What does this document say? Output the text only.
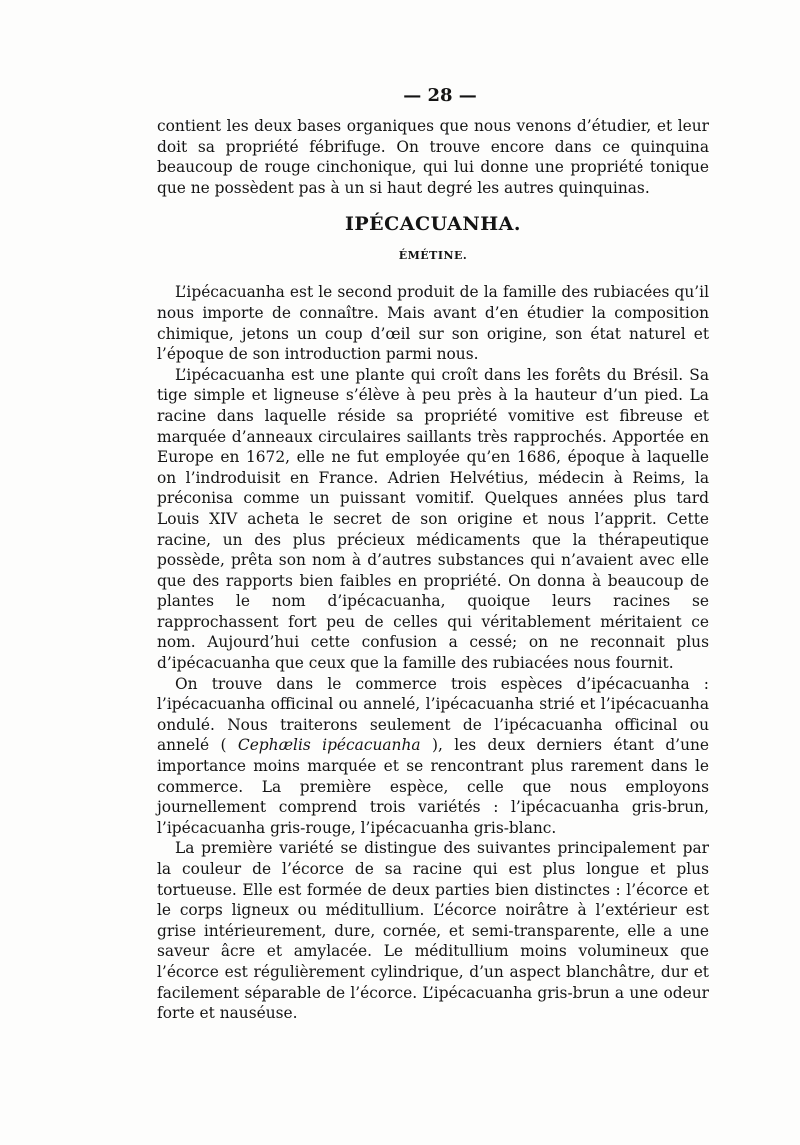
— 28 —

contient les deux bases organiques que nous venons d’étudier, et leur doit sa propriété fébrifuge. On trouve encore dans ce quinquina beaucoup de rouge cinchonique, qui lui donne une propriété tonique que ne possèdent pas à un si haut degré les autres quinquinas.

IPÉCACUANHA.
ÉMÉTINE.

L’ipécacuanha est le second produit de la famille des rubiacées qu’il nous importe de connaître. Mais avant d’en étudier la composition chimique, jetons un coup d’œil sur son origine, son état naturel et l’époque de son introduction parmi nous.

L’ipécacuanha est une plante qui croît dans les forêts du Brésil. Sa tige simple et ligneuse s’élève à peu près à la hauteur d’un pied. La racine dans laquelle réside sa propriété vomitive est fibreuse et marquée d’anneaux circulaires saillants très rapprochés. Apportée en Europe en 1672, elle ne fut employée qu’en 1686, époque à laquelle on l’indroduisit en France. Adrien Helvétius, médecin à Reims, la préconisa comme un puissant vomitif. Quelques années plus tard Louis XIV acheta le secret de son origine et nous l’apprit. Cette racine, un des plus précieux médicaments que la thérapeutique possède, prêta son nom à d’autres substances qui n’avaient avec elle que des rapports bien faibles en propriété. On donna à beaucoup de plantes le nom d’ipécacuanha, quoique leurs racines se rapprochassent fort peu de celles qui véritablement méritaient ce nom. Aujourd’hui cette confusion a cessé; on ne reconnait plus d’ipécacuanha que ceux que la famille des rubiacées nous fournit.

On trouve dans le commerce trois espèces d’ipécacuanha : l’ipécacuanha officinal ou annelé, l’ipécacuanha strié et l’ipécacuanha ondulé. Nous traiterons seulement de l’ipécacuanha officinal ou annelé ( Cephælis ipécacuanha ), les deux derniers étant d’une importance moins marquée et se rencontrant plus rarement dans le commerce. La première espèce, celle que nous employons journellement comprend trois variétés : l’ipécacuanha gris-brun, l’ipécacuanha gris-rouge, l’ipécacuanha gris-blanc.

La première variété se distingue des suivantes principalement par la couleur de l’écorce de sa racine qui est plus longue et plus tortueuse. Elle est formée de deux parties bien distinctes : l’écorce et le corps ligneux ou méditullium. L’écorce noirâtre à l’extérieur est grise intérieurement, dure, cornée, et semi-transparente, elle a une saveur âcre et amylacée. Le méditullium moins volumineux que l’écorce est régulièrement cylindrique, d’un aspect blanchâtre, dur et facilement séparable de l’écorce. L’ipécacuanha gris-brun a une odeur forte et nauséuse.
